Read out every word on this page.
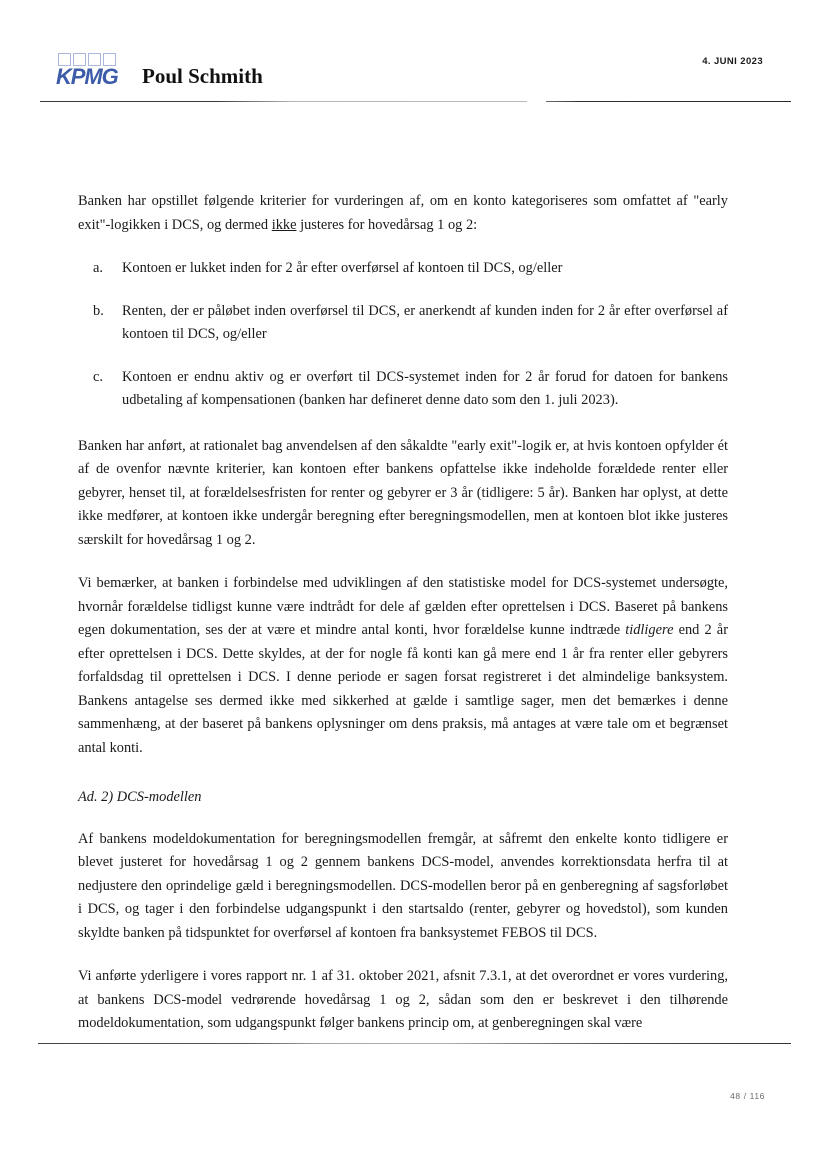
KPMG Poul Schmith
4. JUNI 2023

Banken har opstillet følgende kriterier for vurderingen af, om en konto kategoriseres som omfattet af "early exit"-logikken i DCS, og dermed ikke justeres for hovedårsag 1 og 2:

a. Kontoen er lukket inden for 2 år efter overførsel af kontoen til DCS, og/eller
b. Renten, der er påløbet inden overførsel til DCS, er anerkendt af kunden inden for 2 år efter overførsel af kontoen til DCS, og/eller
c. Kontoen er endnu aktiv og er overført til DCS-systemet inden for 2 år forud for datoen for bankens udbetaling af kompensationen (banken har defineret denne dato som den 1. juli 2023).

Banken har anført, at rationalet bag anvendelsen af den såkaldte "early exit"-logik er, at hvis kontoen opfylder ét af de ovenfor nævnte kriterier, kan kontoen efter bankens opfattelse ikke indeholde forældede renter eller gebyrer, henset til, at forældelsesfristen for renter og gebyrer er 3 år (tidligere: 5 år). Banken har oplyst, at dette ikke medfører, at kontoen ikke undergår beregning efter beregningsmodellen, men at kontoen blot ikke justeres særskilt for hovedårsag 1 og 2.

Vi bemærker, at banken i forbindelse med udviklingen af den statistiske model for DCS-systemet undersøgte, hvornår forældelse tidligst kunne være indtrådt for dele af gælden efter oprettelsen i DCS. Baseret på bankens egen dokumentation, ses der at være et mindre antal konti, hvor forældelse kunne indtræde tidligere end 2 år efter oprettelsen i DCS. Dette skyldes, at der for nogle få konti kan gå mere end 1 år fra renter eller gebyrers forfaldsdag til oprettelsen i DCS. I denne periode er sagen forsat registreret i det almindelige banksystem. Bankens antagelse ses dermed ikke med sikkerhed at gælde i samtlige sager, men det bemærkes i denne sammenhæng, at der baseret på bankens oplysninger om dens praksis, må antages at være tale om et begrænset antal konti.

Ad. 2) DCS-modellen

Af bankens modeldokumentation for beregningsmodellen fremgår, at såfremt den enkelte konto tidligere er blevet justeret for hovedårsag 1 og 2 gennem bankens DCS-model, anvendes korrektionsdata herfra til at nedjustere den oprindelige gæld i beregningsmodellen. DCS-modellen beror på en genberegning af sagsforløbet i DCS, og tager i den forbindelse udgangspunkt i den startsaldo (renter, gebyrer og hovedstol), som kunden skyldte banken på tidspunktet for overførsel af kontoen fra banksystemet FEBOS til DCS.

Vi anførte yderligere i vores rapport nr. 1 af 31. oktober 2021, afsnit 7.3.1, at det overordnet er vores vurdering, at bankens DCS-model vedrørende hovedårsag 1 og 2, sådan som den er beskrevet i den tilhørende modeldokumentation, som udgangspunkt følger bankens princip om, at genberegningen skal være

48 / 116
